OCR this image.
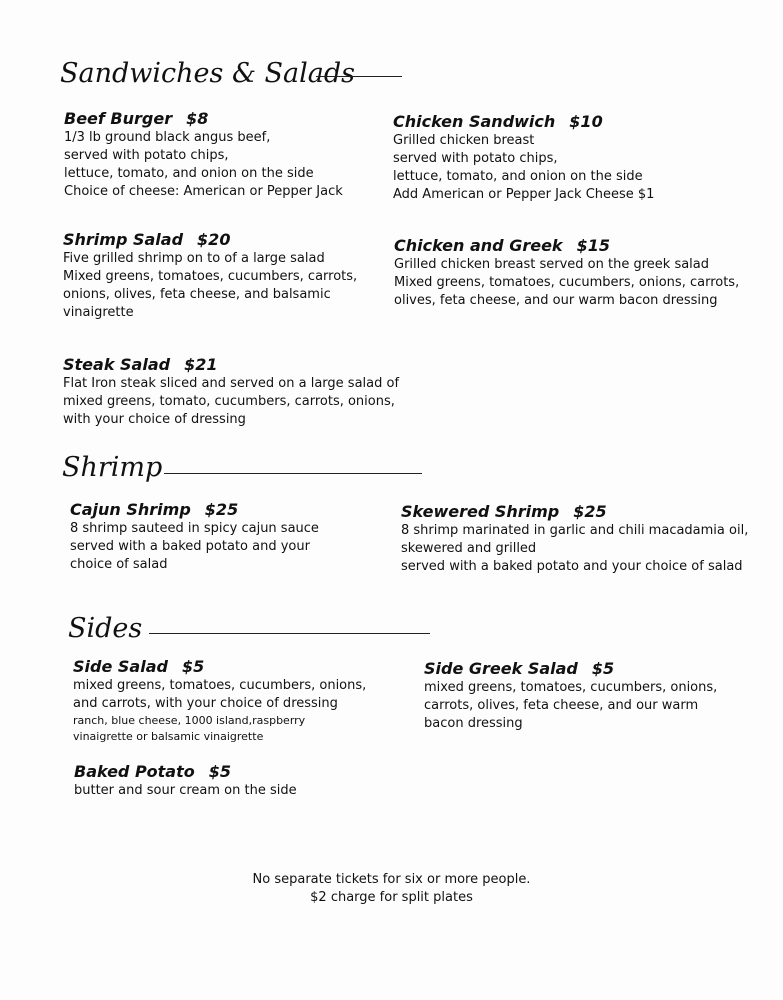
Sandwiches & Salads
Beef Burger $8
1/3 lb ground black angus beef,
served with potato chips,
lettuce, tomato, and onion on the side
Choice of cheese: American or Pepper Jack
Chicken Sandwich $10
Grilled chicken breast
served with potato chips,
lettuce, tomato, and onion on the side
Add American or Pepper Jack Cheese $1
Shrimp Salad $20
Five grilled shrimp on to of a large salad
Mixed greens, tomatoes, cucumbers, carrots,
onions, olives, feta cheese, and balsamic
vinaigrette
Chicken and Greek $15
Grilled chicken breast served on the greek salad
Mixed greens, tomatoes, cucumbers, onions, carrots,
olives, feta cheese, and our warm bacon dressing
Steak Salad $21
Flat Iron steak sliced and served on a large salad of
mixed greens, tomato, cucumbers, carrots, onions,
with your choice of dressing
Shrimp
Cajun Shrimp $25
8 shrimp sauteed in spicy cajun sauce
served with a baked potato and your
choice of salad
Skewered Shrimp $25
8 shrimp marinated in garlic and chili macadamia oil,
skewered and grilled
served with a baked potato and your choice of salad
Sides
Side Salad $5
mixed greens, tomatoes, cucumbers, onions,
and carrots, with your choice of dressing
ranch, blue cheese, 1000 island,raspberry
vinaigrette or balsamic vinaigrette
Side Greek Salad $5
mixed greens, tomatoes, cucumbers, onions,
carrots, olives, feta cheese, and our warm
bacon dressing
Baked Potato $5
butter and sour cream on the side
No separate tickets for six or more people.
$2 charge for split plates
